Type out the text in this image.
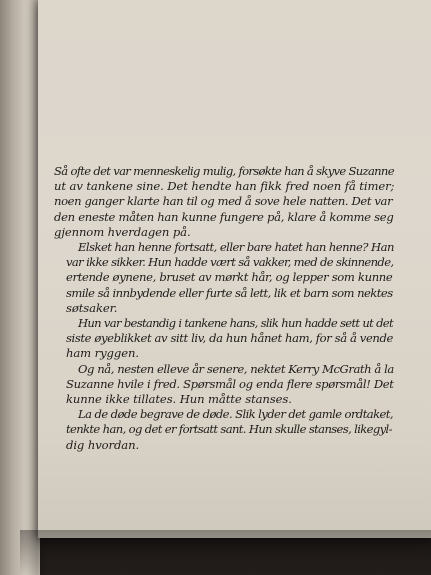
Så ofte det var menneskelig mulig, forsøkte han å skyve Suzanne
ut av tankene sine. Det hendte han fikk fred noen få timer;
noen ganger klarte han til og med å sove hele natten. Det var
den eneste måten han kunne fungere på, klare å komme seg
gjennom hverdagen på.

Elsket han henne fortsatt, eller bare hatet han henne? Han
var ikke sikker. Hun hadde vært så vakker, med de skinnende,
ertende øynene, bruset av mørkt hår, og lepper som kunne
smile så innbydende eller furte så lett, lik et barn som nektes
søtsaker.

Hun var bestandig i tankene hans, slik hun hadde sett ut det
siste øyeblikket av sitt liv, da hun hånet ham, for så å vende
ham ryggen.

Og nå, nesten elleve år senere, nektet Kerry McGrath å la
Suzanne hvile i fred. Spørsmål og enda flere spørsmål! Det
kunne ikke tillates. Hun måtte stanses.

La de døde begrave de døde. Slik lyder det gamle ordtaket,
tenkte han, og det er fortsatt sant. Hun skulle stanses, likegyl-
dig hvordan.
